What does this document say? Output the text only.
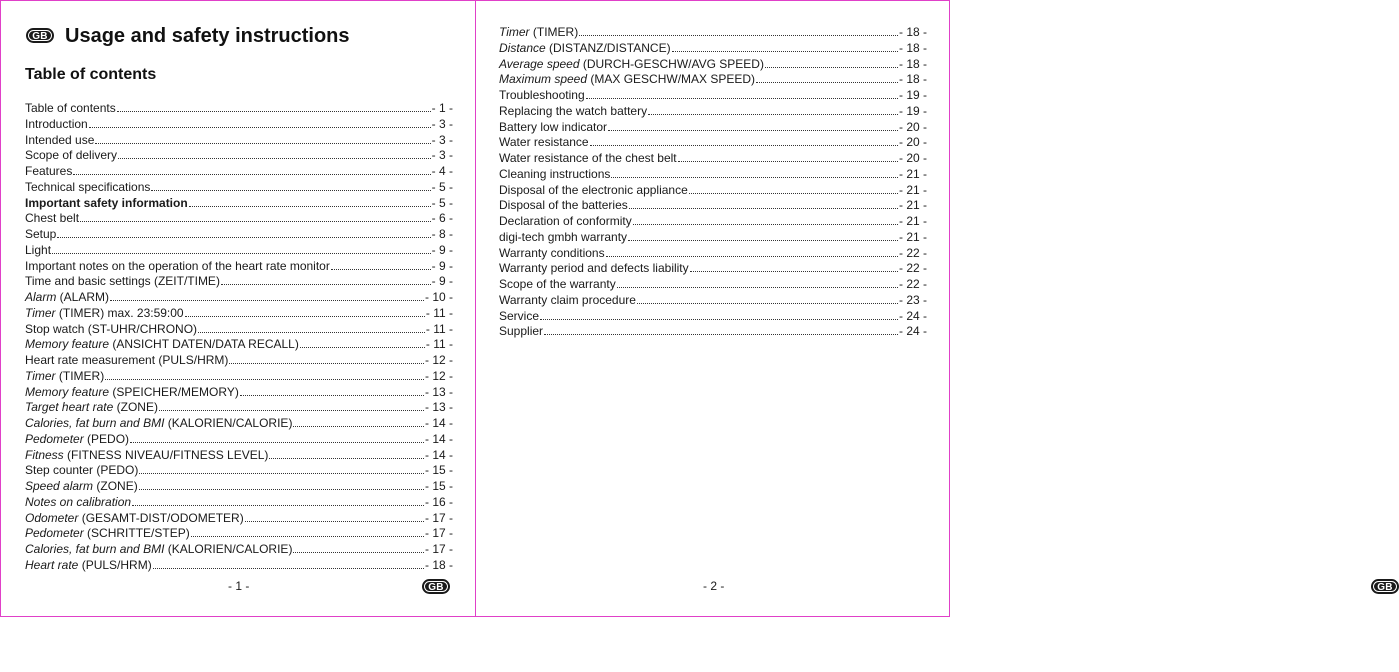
GB Usage and safety instructions
Table of contents
Table of contents	- 1 -
Introduction	- 3 -
Intended use	- 3 -
Scope of delivery	- 3 -
Features	- 4 -
Technical specifications	- 5 -
Important safety information	- 5 -
Chest belt	- 6 -
Setup	- 8 -
Light	- 9 -
Important notes on the operation of the heart rate monitor	- 9 -
Time and basic settings (ZEIT/TIME)	- 9 -
Alarm (ALARM)	- 10 -
Timer (TIMER) max. 23:59:00	- 11 -
Stop watch (ST-UHR/CHRONO)	- 11 -
Memory feature (ANSICHT DATEN/DATA RECALL)	- 11 -
Heart rate measurement (PULS/HRM)	- 12 -
Timer (TIMER)	- 12 -
Memory feature (SPEICHER/MEMORY)	- 13 -
Target heart rate (ZONE)	- 13 -
Calories, fat burn and BMI (KALORIEN/CALORIE)	- 14 -
Pedometer (PEDO)	- 14 -
Fitness (FITNESS NIVEAU/FITNESS LEVEL)	- 14 -
Step counter (PEDO)	- 15 -
Speed alarm (ZONE)	- 15 -
Notes on calibration	- 16 -
Odometer (GESAMT-DIST/ODOMETER)	- 17 -
Pedometer (SCHRITTE/STEP)	- 17 -
Calories, fat burn and BMI (KALORIEN/CALORIE)	- 17 -
Heart rate (PULS/HRM)	- 18 -
- 1 -	GB
Timer (TIMER)	- 18 -
Distance (DISTANZ/DISTANCE)	- 18 -
Average speed (DURCH-GESCHW/AVG SPEED)	- 18 -
Maximum speed (MAX GESCHW/MAX SPEED)	- 18 -
Troubleshooting	- 19 -
Replacing the watch battery	- 19 -
Battery low indicator	- 20 -
Water resistance	- 20 -
Water resistance of the chest belt	- 20 -
Cleaning instructions	- 21 -
Disposal of the electronic appliance	- 21 -
Disposal of the batteries	- 21 -
Declaration of conformity	- 21 -
digi-tech gmbh warranty	- 21 -
Warranty conditions	- 22 -
Warranty period and defects liability	- 22 -
Scope of the warranty	- 22 -
Warranty claim procedure	- 23 -
Service	- 24 -
Supplier	- 24 -
- 2 -	GB
